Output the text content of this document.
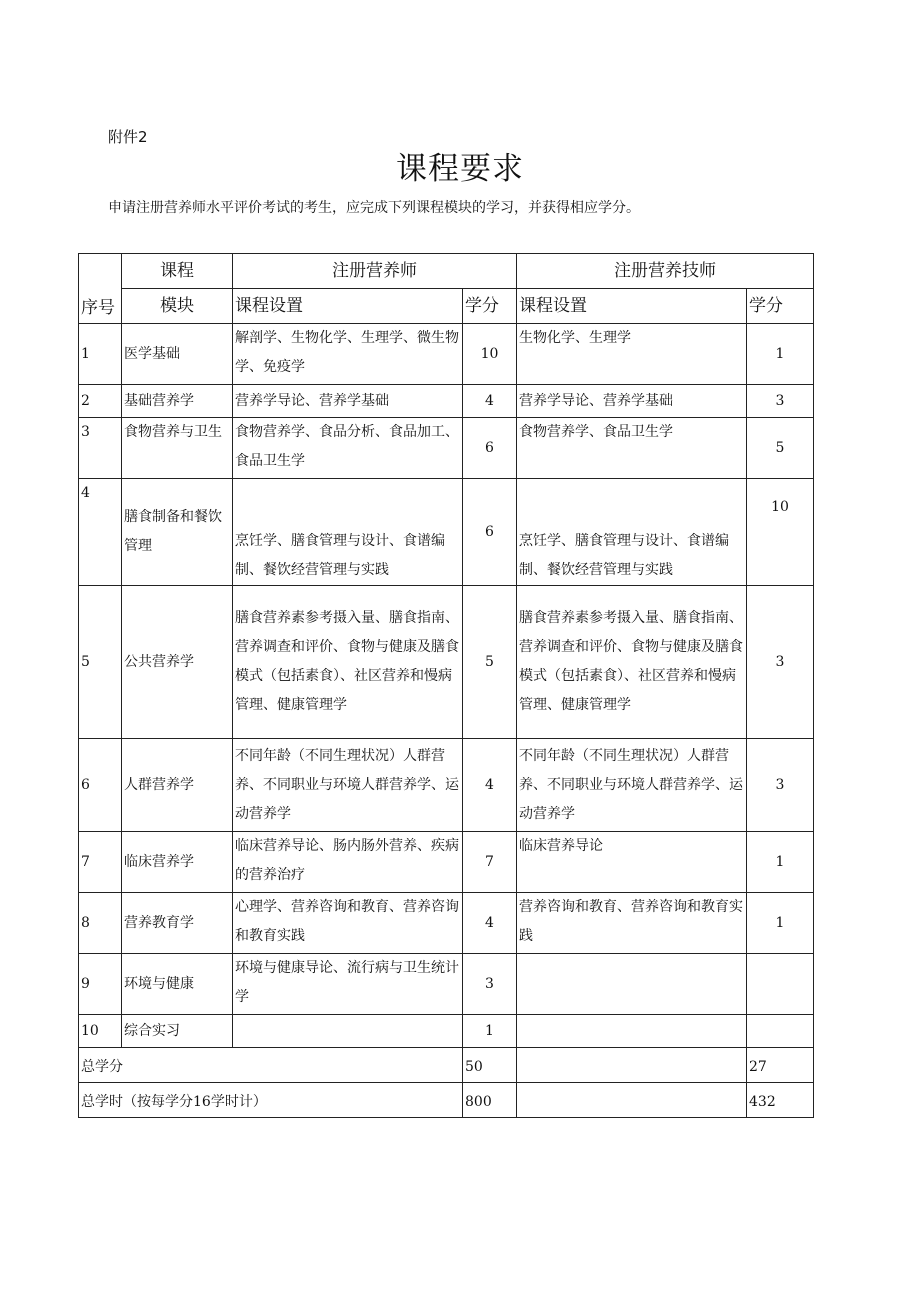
附件2
课程要求
申请注册营养师水平评价考试的考生，应完成下列课程模块的学习，并获得相应学分。
序号	课程	注册营养师		注册营养技师	
	模块	课程设置	学分	课程设置	学分
1	医学基础	解剖学、生物化学、生理学、微生物学、免疫学	10	生物化学、生理学	1
2	基础营养学	营养学导论、营养学基础	4	营养学导论、营养学基础	3
3	食物营养与卫生	食物营养学、食品分析、食品加工、食品卫生学	6	食物营养学、食品卫生学	5
4	膳食制备和餐饮管理	烹饪学、膳食管理与设计、食谱编制、餐饮经营管理与实践	6	烹饪学、膳食管理与设计、食谱编制、餐饮经营管理与实践	10
5	公共营养学	膳食营养素参考摄入量、膳食指南、营养调查和评价、食物与健康及膳食模式（包括素食）、社区营养和慢病管理、健康管理学	5	膳食营养素参考摄入量、膳食指南、营养调查和评价、食物与健康及膳食模式（包括素食）、社区营养和慢病管理、健康管理学	3
6	人群营养学	不同年龄（不同生理状况）人群营养、不同职业与环境人群营养学、运动营养学	4	不同年龄（不同生理状况）人群营养、不同职业与环境人群营养学、运动营养学	3
7	临床营养学	临床营养导论、肠内肠外营养、疾病的营养治疗	7	临床营养导论	1
8	营养教育学	心理学、营养咨询和教育、营养咨询和教育实践	4	营养咨询和教育、营养咨询和教育实践	1
9	环境与健康	环境与健康导论、流行病与卫生统计学	3		
10	综合实习		1		
总学分			50		27
总学时（按每学分16学时计）			800		432
